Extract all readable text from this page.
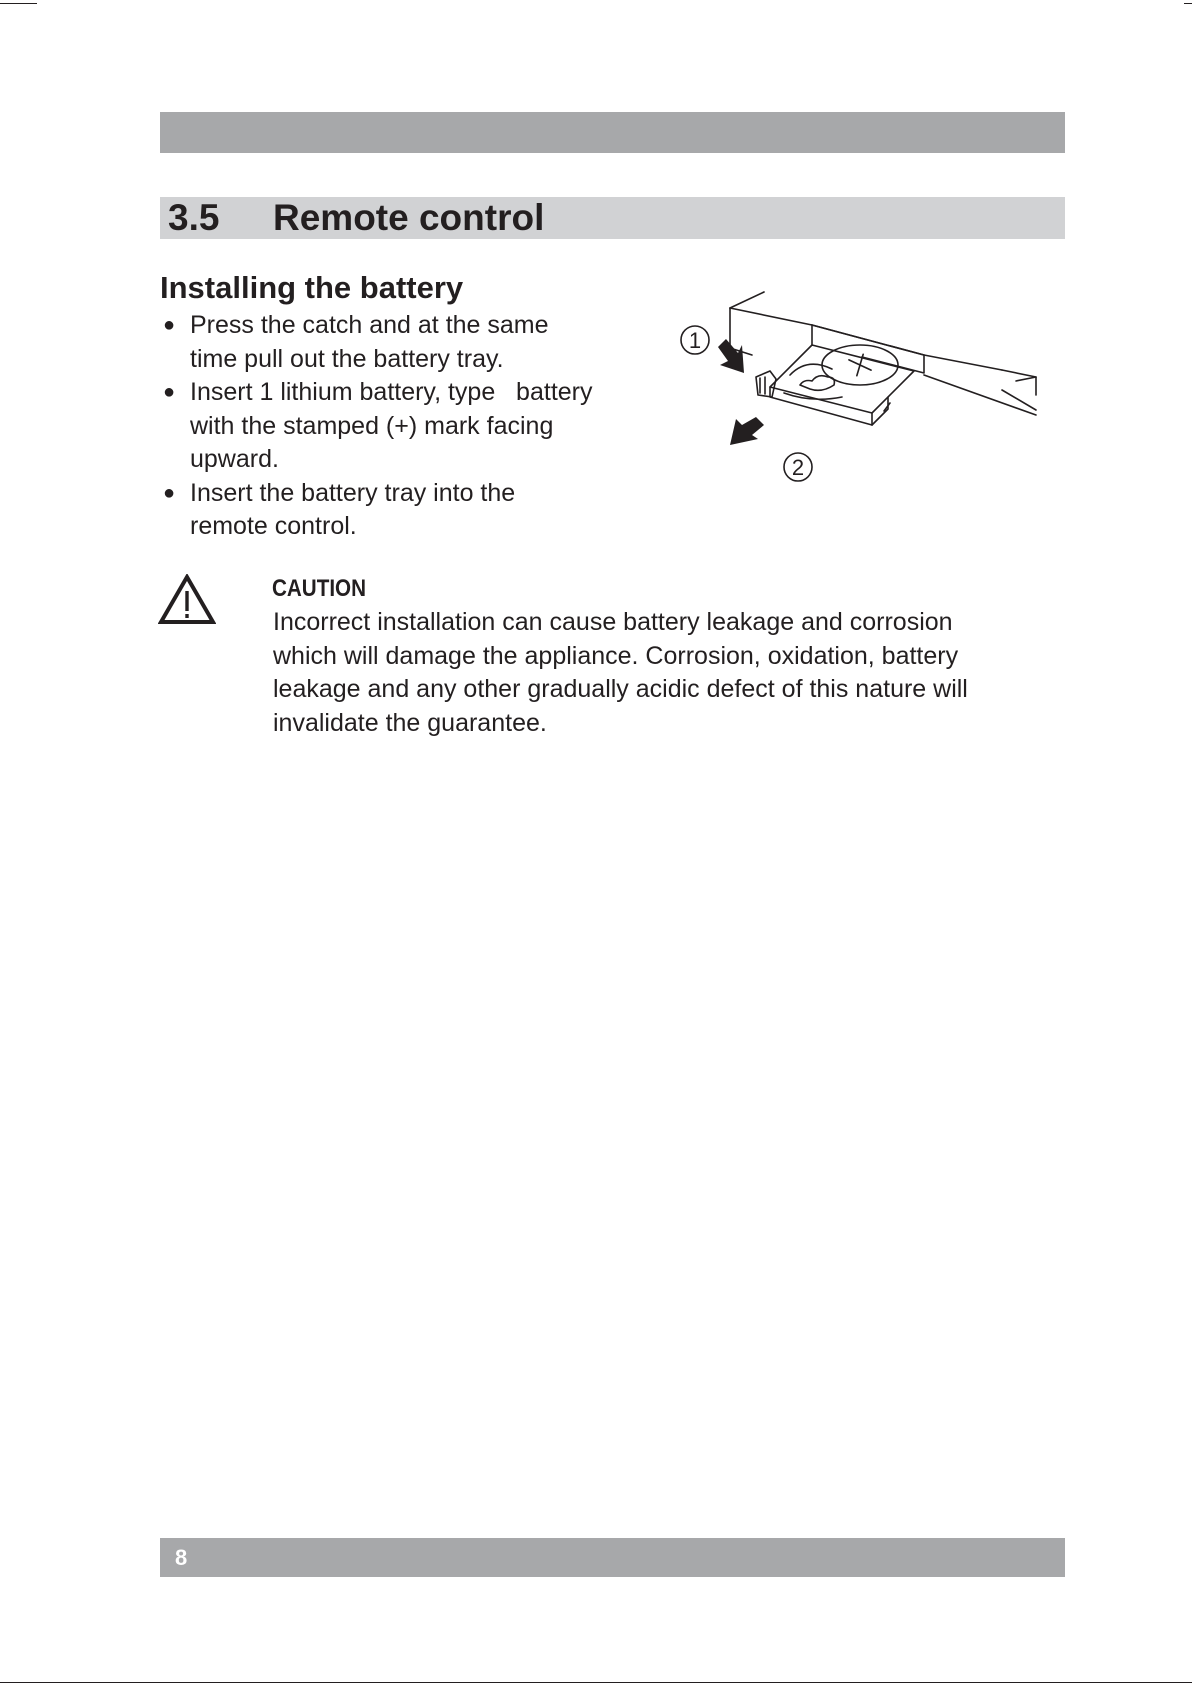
3.5 Remote control
Installing the battery
● Press the catch and at the same
time pull out the battery tray.
● Insert 1 lithium battery, type   battery
with the stamped (+) mark facing
upward.
● Insert the battery tray into the
remote control.
1
2
CAUTION

Incorrect installation can cause battery leakage and corrosion
which will damage the appliance. Corrosion, oxidation, battery
leakage and any other gradually acidic defect of this nature will
invalidate the guarantee.

8
